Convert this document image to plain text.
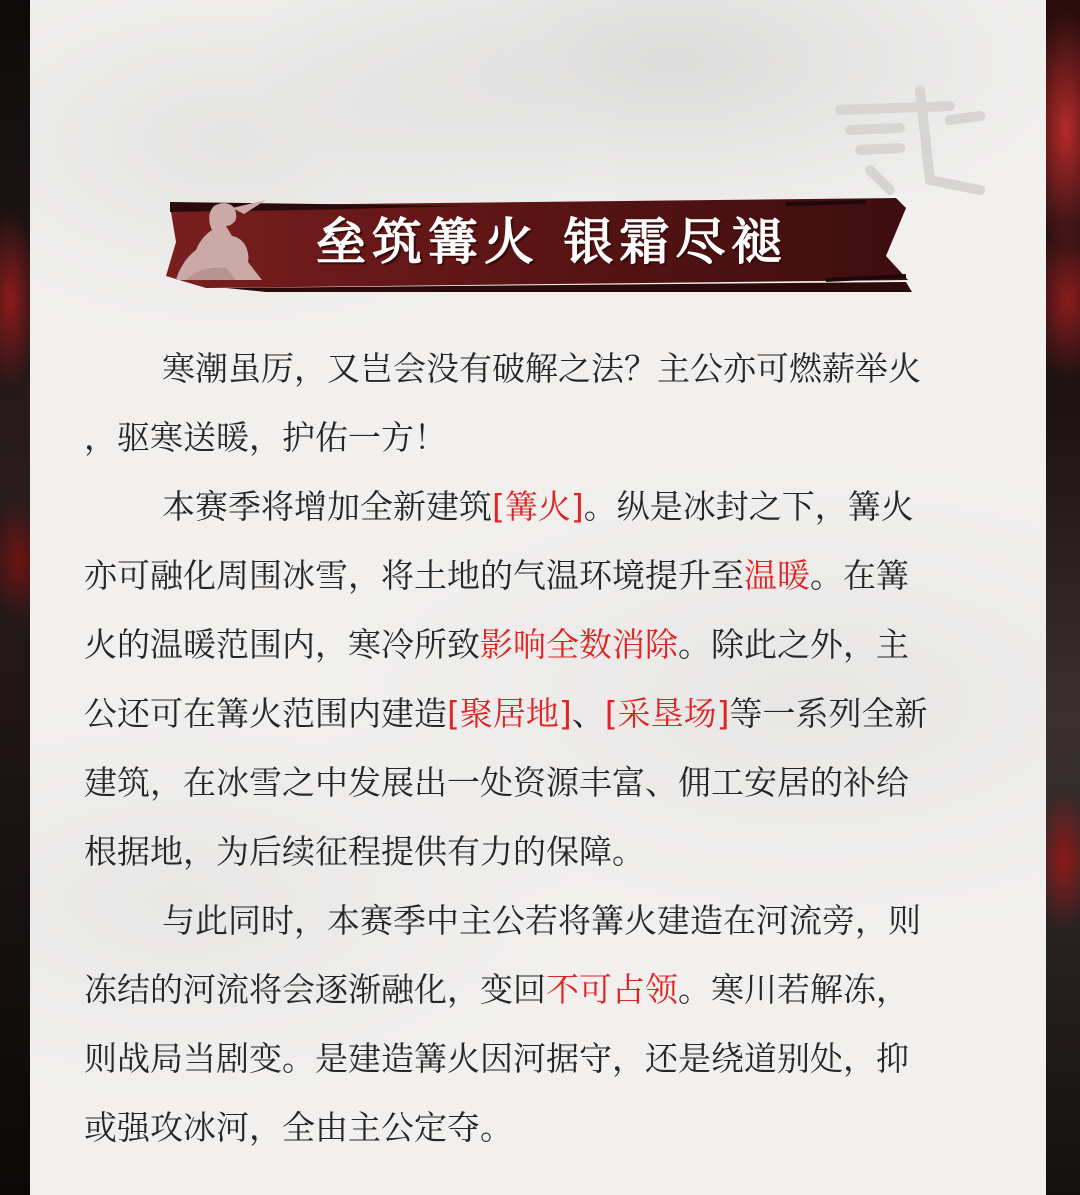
垒筑篝火 银霜尽褪
寒潮虽厉，又岂会没有破解之法？主公亦可燃薪举火
，驱寒送暖，护佑一方！
本赛季将增加全新建筑[篝火]。纵是冰封之下，篝火
亦可融化周围冰雪，将土地的气温环境提升至温暖。在篝
火的温暖范围内，寒冷所致影响全数消除。除此之外，主
公还可在篝火范围内建造[聚居地]、[采垦场]等一系列全新
建筑，在冰雪之中发展出一处资源丰富、佣工安居的补给
根据地，为后续征程提供有力的保障。
与此同时，本赛季中主公若将篝火建造在河流旁，则
冻结的河流将会逐渐融化，变回不可占领。寒川若解冻，
则战局当剧变。是建造篝火因河据守，还是绕道别处，抑
或强攻冰河，全由主公定夺。
